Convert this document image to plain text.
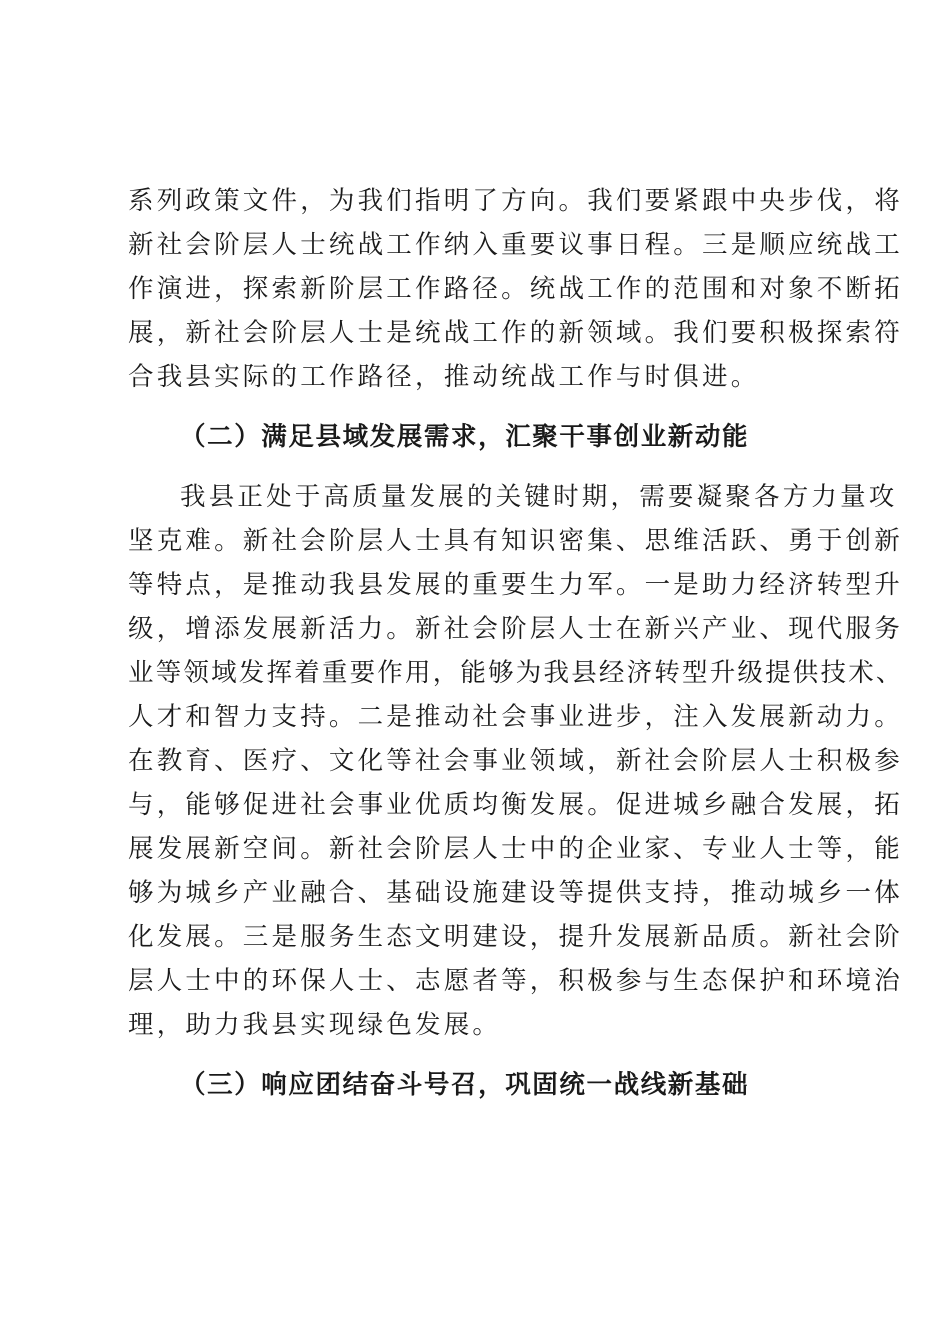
系列政策文件，为我们指明了方向。我们要紧跟中央步伐，将
新社会阶层人士统战工作纳入重要议事日程。三是顺应统战工
作演进，探索新阶层工作路径。统战工作的范围和对象不断拓
展，新社会阶层人士是统战工作的新领域。我们要积极探索符
合我县实际的工作路径，推动统战工作与时俱进。
（二）满足县域发展需求，汇聚干事创业新动能
我县正处于高质量发展的关键时期，需要凝聚各方力量攻
坚克难。新社会阶层人士具有知识密集、思维活跃、勇于创新
等特点，是推动我县发展的重要生力军。一是助力经济转型升
级，增添发展新活力。新社会阶层人士在新兴产业、现代服务
业等领域发挥着重要作用，能够为我县经济转型升级提供技术、
人才和智力支持。二是推动社会事业进步，注入发展新动力。
在教育、医疗、文化等社会事业领域，新社会阶层人士积极参
与，能够促进社会事业优质均衡发展。促进城乡融合发展，拓
展发展新空间。新社会阶层人士中的企业家、专业人士等，能
够为城乡产业融合、基础设施建设等提供支持，推动城乡一体
化发展。三是服务生态文明建设，提升发展新品质。新社会阶
层人士中的环保人士、志愿者等，积极参与生态保护和环境治
理，助力我县实现绿色发展。
（三）响应团结奋斗号召，巩固统一战线新基础
